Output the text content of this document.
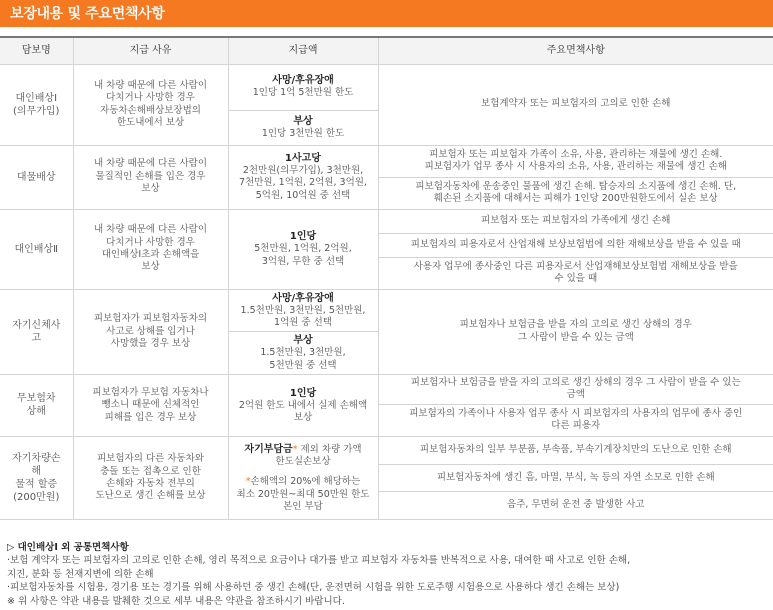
보장내용 및 주요면책사항
담보명	지급 사유	지급액	주요면책사항
대인배상Ⅰ
(의무가입)	내 차량 때문에 다른 사람이
다치거나 사망한 경우
자동차손해배상보장법의
한도내에서 보상	사망/후유장애
1인당 1억 5천만원 한도	보험계약자 또는 피보험자의 고의로 인한 손해

		부상
1인당 3천만원 한도	

대물배상	내 차량 때문에 다른 사람이
물질적인 손해를 입은 경우
보상	1사고당
2천만원(의무가입), 3천만원,
7천만원, 1억원, 2억원, 3억원,
5억원, 10억원 중 선택	피보험자 또는 피보험자 가족이 소유, 사용, 관리하는 재물에 생긴 손해.
피보험자가 업무 종사 시 사용자의 소유, 사용, 관리하는 재물에 생긴 손해
			피보험자동차에 운송중인 물품에 생긴 손해. 탑승자의 소지품에 생긴 손해. 단,
훼손된 소지품에 대해서는 피해가 1인당 200만원한도에서 실손 보상
대인배상Ⅱ	내 차량 때문에 다른 사람이
다치거나 사망한 경우
대인배상Ⅰ초과 손해액을
보상	1인당
5천만원, 1억원, 2억원,
3억원, 무한 중 선택	피보험자 또는 피보험자의 가족에게 생긴 손해
			피보험자의 피용자로서 산업재해 보상보험법에 의한 재해보상을 받을 수 있을 때
			사용자 업무에 종사중인 다른 피용자로서 산업재해보상보험법 재해보상을 받을
수 있을 때
자기신체사
고	피보험자가 피보험자동차의
사고로 상해를 입거나
사망했을 경우 보상	사망/후유장애
1.5천만원, 3천만원, 5천만원,
1억원 중 선택	피보험자나 보험금을 받을 자의 고의로 생긴 상해의 경우
그 사람이 받을 수 있는 금액

		부상
1.5천만원, 3천만원,
5천만원 중 선택	

무보험차
상해	피보험자가 무보험 자동차나
뺑소니 때문에 신체적인
피해를 입은 경우 보상	1인당
2억원 한도 내에서 실제 손해액
보상	피보험자나 보험금을 받을 자의 고의로 생긴 상해의 경우 그 사람이 받을 수 있는
금액
			피보험자의 가족이나 사용자 업무 종사 시 피보험자의 사용자의 업무에 종사 중인
다른 피용자
자기차량손
해
물적 할증
(200만원)	피보험자의 다른 자동차와
충돌 또는 접촉으로 인한
손해와 자동차 전부의
도난으로 생긴 손해를 보상	자기부담금* 제외 차량 가액
한도실손보상
*손해액의 20%에 해당하는
최소 20만원~최대 50만원 한도
본인 부담	피보험자동차의 일부 부분품, 부속품, 부속기계장치만의 도난으로 인한 손해
			피보험자동차에 생긴 흠, 마멸, 부식, 녹 등의 자연 소모로 인한 손해
			음주, 무면허 운전 중 발생한 사고
▷ 대인배상Ⅰ 외 공통면책사항
·보험 계약자 또는 피보험자의 고의로 인한 손해, 영리 목적으로 요금이나 대가를 받고 피보험자 자동차를 반복적으로 사용, 대여한 때 사고로 인한 손해,
지진, 분화 등 천재지변에 의한 손해
·피보험자동차를 시험용, 경기용 또는 경기를 위해 사용하던 중 생긴 손해(단, 운전면허 시험을 위한 도로주행 시험용으로 사용하다 생긴 손해는 보상)
※ 위 사항은 약관 내용을 발췌한 것으로 세부 내용은 약관을 참조하시기 바랍니다.
